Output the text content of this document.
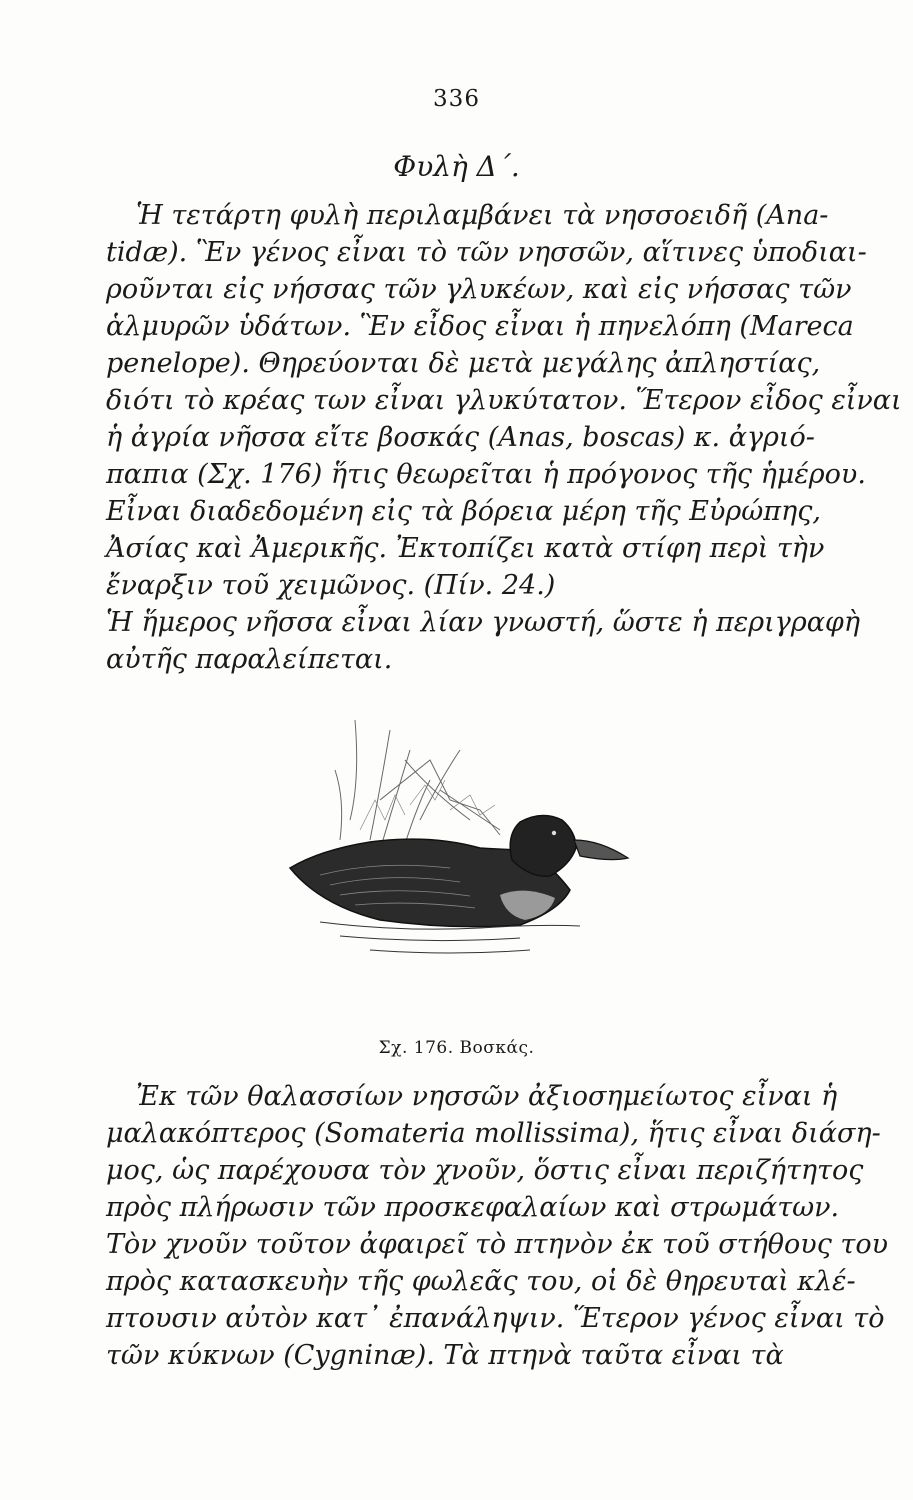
336
Φυλὴ Δ΄.
Ἡ τετάρτη φυλὴ περιλαμβάνει τὰ νησσοειδῆ (Ana-
tidæ). Ἓν γένος εἶναι τὸ τῶν νησσῶν, αἵτινες ὑποδιαι-
ροῦνται εἰς νήσσας τῶν γλυκέων, καὶ εἰς νήσσας τῶν
ἁλμυρῶν ὑδάτων. Ἓν εἶδος εἶναι ἡ πηνελόπη (Mareca
penelope). Θηρεύονται δὲ μετὰ μεγάλης ἀπληστίας,
διότι τὸ κρέας των εἶναι γλυκύτατον. Ἕτερον εἶδος εἶναι
ἡ ἀγρία νῆσσα εἴτε βοσκάς (Anas, boscas) κ. ἀγριό-
παπια (Σχ. 176) ἥτις θεωρεῖται ἡ πρόγονος τῆς ἡμέρου.
Εἶναι διαδεδομένη εἰς τὰ βόρεια μέρη τῆς Εὐρώπης,
Ἀσίας καὶ Ἀμερικῆς. Ἐκτοπίζει κατὰ στίφη περὶ τὴν
ἔναρξιν τοῦ χειμῶνος. (Πίν. 24.)
Ἡ ἥμερος νῆσσα εἶναι λίαν γνωστή, ὥστε ἡ περιγραφὴ
αὐτῆς παραλείπεται.
Σχ. 176. Βοσκάς.
Ἐκ τῶν θαλασσίων νησσῶν ἀξιοσημείωτος εἶναι ἡ
μαλακόπτερος (Somateria mollissima), ἥτις εἶναι διάση-
μος, ὡς παρέχουσα τὸν χνοῦν, ὅστις εἶναι περιζήτητος
πρὸς πλήρωσιν τῶν προσκεφαλαίων καὶ στρωμάτων.
Τὸν χνοῦν τοῦτον ἀφαιρεῖ τὸ πτηνὸν ἐκ τοῦ στήθους του
πρὸς κατασκευὴν τῆς φωλεᾶς του, οἱ δὲ θηρευταὶ κλέ-
πτουσιν αὐτὸν κατ᾽ ἐπανάληψιν. Ἕτερον γένος εἶναι τὸ
τῶν κύκνων (Cygninæ). Τὰ πτηνὰ ταῦτα εἶναι τὰ
